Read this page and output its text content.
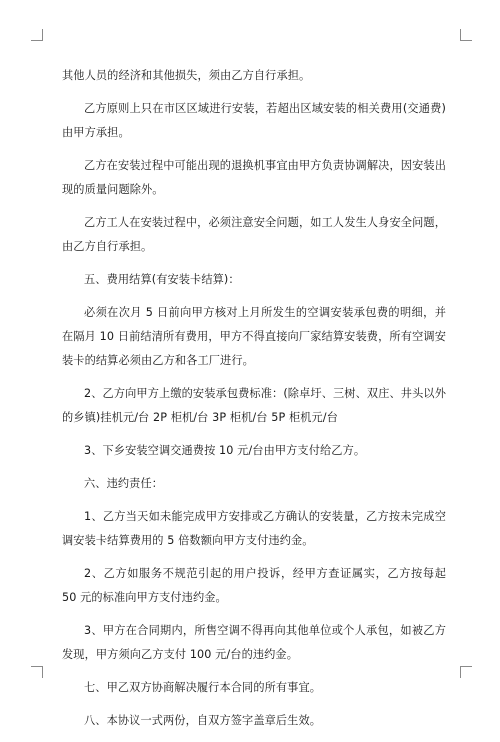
其他人员的经济和其他损失，须由乙方自行承担。

乙方原则上只在市区区域进行安装，若超出区域安装的相关费用(交通费)由甲方承担。

乙方在安装过程中可能出现的退换机事宜由甲方负责协调解决，因安装出现的质量问题除外。

乙方工人在安装过程中，必须注意安全问题，如工人发生人身安全问题，由乙方自行承担。

五、费用结算(有安装卡结算)：

必须在次月 5 日前向甲方核对上月所发生的空调安装承包费的明细，并在隔月 10 日前结清所有费用，甲方不得直接向厂家结算安装费，所有空调安装卡的结算必须由乙方和各工厂进行。

2、乙方向甲方上缴的安装承包费标准：(除卓圩、三树、双庄、井头以外的乡镇)挂机元/台 2P 柜机/台 3P 柜机/台 5P 柜机元/台

3、下乡安装空调交通费按 10 元/台由甲方支付给乙方。

六、违约责任：

1、乙方当天如未能完成甲方安排或乙方确认的安装量，乙方按未完成空调安装卡结算费用的 5 倍数额向甲方支付违约金。

2、乙方如服务不规范引起的用户投诉，经甲方查证属实，乙方按每起 50 元的标准向甲方支付违约金。

3、甲方在合同期内，所售空调不得再向其他单位或个人承包，如被乙方发现，甲方须向乙方支付 100 元/台的违约金。

七、甲乙双方协商解决履行本合同的所有事宜。

八、本协议一式两份，自双方签字盖章后生效。
